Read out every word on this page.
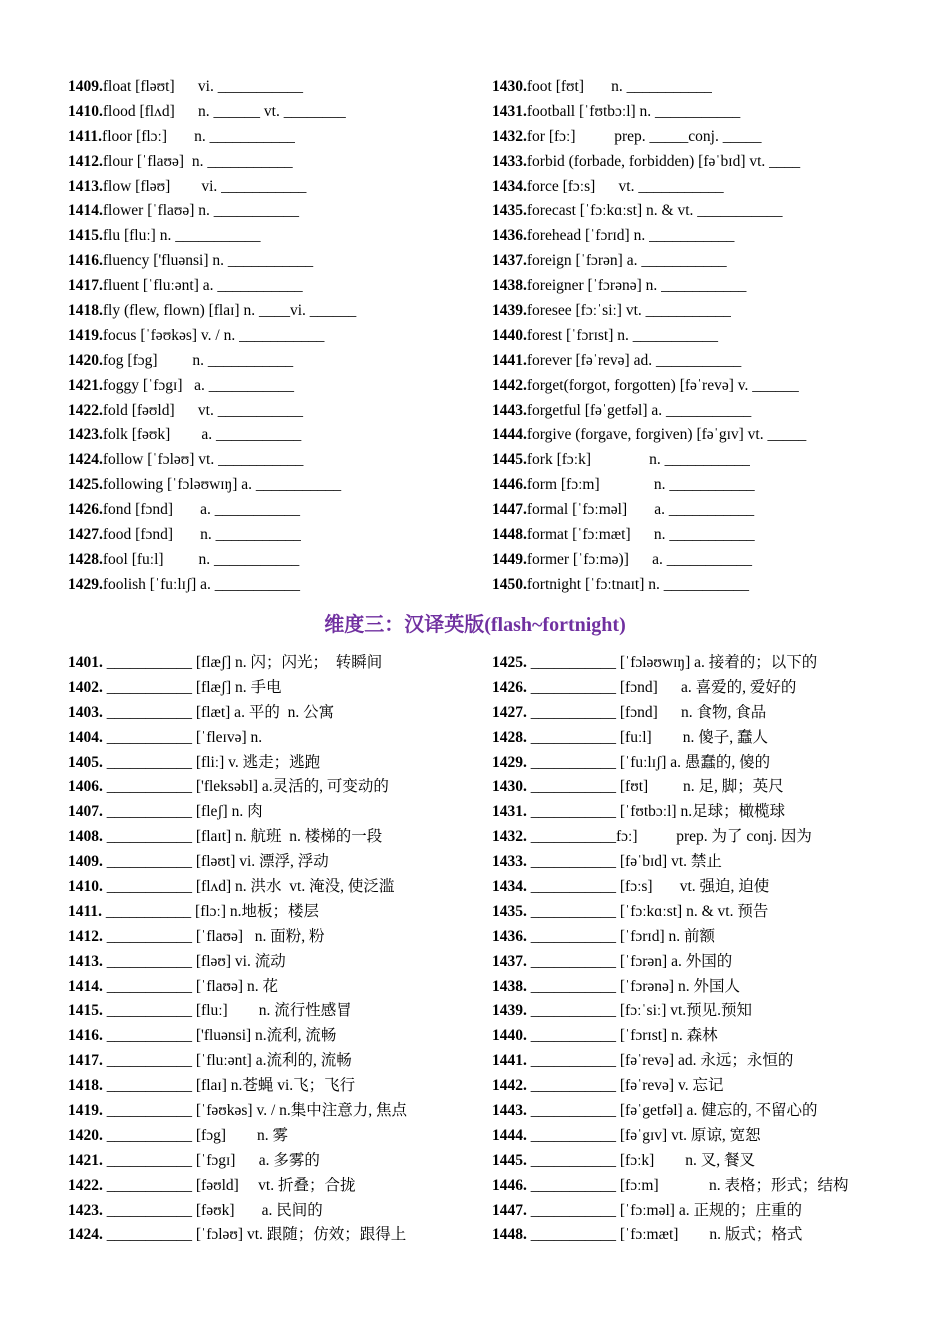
1409.float [fləʊt]      vi. ___________
1410.flood [flʌd]      n. ______ vt. ________
1411.floor [flɔː]       n. ___________
1412.flour [ˈflaʊə]  n. ___________
1413.flow [fləʊ]        vi. ___________
1414.flower [ˈflaʊə] n. ___________
1415.flu [fluː] n. ___________
1416.fluency ['fluənsi] n. ___________
1417.fluent [ˈfluːənt] a. ___________
1418.fly (flew, flown) [flaɪ] n. ____vi. ______
1419.focus [ˈfəʊkəs] v. / n. ___________
1420.fog [fɔg]         n. ___________
1421.foggy [ˈfɔgɪ]   a. ___________
1422.fold [fəʊld]      vt. ___________
1423.folk [fəʊk]        a. ___________
1424.follow [ˈfɔləʊ] vt. ___________
1425.following [ˈfɔləʊwɪŋ] a. ___________
1426.fond [fɔnd]       a. ___________
1427.food [fɔnd]       n. ___________
1428.fool [fuːl]         n. ___________
1429.foolish [ˈfuːlɪʃ] a. ___________
1430.foot [fʊt]       n. ___________
1431.football [ˈfʊtbɔːl] n. ___________
1432.for [fɔː]          prep. _____conj. _____
1433.forbid (forbade, forbidden) [fəˈbɪd] vt. ____
1434.force [fɔːs]      vt. ___________
1435.forecast [ˈfɔːkɑːst] n. & vt. ___________
1436.forehead [ˈfɔrɪd] n. ___________
1437.foreign [ˈfɔrən] a. ___________
1438.foreigner [ˈfɔrənə] n. ___________
1439.foresee [fɔːˈsiː] vt. ___________
1440.forest [ˈfɔrɪst] n. ___________
1441.forever [fəˈrevə] ad. ___________
1442.forget(forgot, forgotten) [fəˈrevə] v. ______
1443.forgetful [fəˈgetfəl] a. ___________
1444.forgive (forgave, forgiven) [fəˈgɪv] vt. _____
1445.fork [fɔːk]               n. ___________
1446.form [fɔːm]              n. ___________
1447.formal [ˈfɔːməl]       a. ___________
1448.format [ˈfɔːmæt]      n. ___________
1449.former [ˈfɔːmə)]      a. ___________
1450.fortnight [ˈfɔːtnaɪt] n. ___________
维度三：汉译英版(flash~fortnight)
1401. ___________ [flæʃ] n. 闪；闪光；  转瞬间
1402. ___________ [flæʃ] n. 手电
1403. ___________ [flæt] a. 平的  n. 公寓
1404. ___________ [ˈfleɪvə] n.
1405. ___________ [fliː] v. 逃走；逃跑
1406. ___________ ['fleksəbl] a.灵活的, 可变动的
1407. ___________ [fleʃ] n. 肉
1408. ___________ [flaɪt] n. 航班  n. 楼梯的一段
1409. ___________ [fləʊt] vi. 漂浮, 浮动
1410. ___________ [flʌd] n. 洪水  vt. 淹没, 使泛滥
1411. ___________ [flɔː] n.地板；楼层
1412. ___________ [ˈflaʊə]   n. 面粉, 粉
1413. ___________ [fləʊ] vi. 流动
1414. ___________ [ˈflaʊə] n. 花
1415. ___________ [fluː]        n. 流行性感冒
1416. ___________ ['fluənsi] n.流利, 流畅
1417. ___________ [ˈfluːənt] a.流利的, 流畅
1418. ___________ [flaɪ] n.苍蝇 vi.飞；飞行
1419. ___________ [ˈfəʊkəs] v. / n.集中注意力, 焦点
1420. ___________ [fɔg]        n. 雾
1421. ___________ [ˈfɔgɪ]      a. 多雾的
1422. ___________ [fəʊld]     vt. 折叠；合拢
1423. ___________ [fəʊk]       a. 民间的
1424. ___________ [ˈfɔləʊ] vt. 跟随；仿效；跟得上
1425. ___________ [ˈfɔləʊwɪŋ] a. 接着的；以下的
1426. ___________ [fɔnd]      a. 喜爱的, 爱好的
1427. ___________ [fɔnd]      n. 食物, 食品
1428. ___________ [fuːl]        n. 傻子, 蠢人
1429. ___________ [ˈfuːlɪʃ] a. 愚蠢的, 傻的
1430. ___________ [fʊt]         n. 足, 脚；英尺
1431. ___________ [ˈfʊtbɔːl] n.足球；橄榄球
1432. ___________fɔː]          prep. 为了 conj. 因为
1433. ___________ [fəˈbɪd] vt. 禁止
1434. ___________ [fɔːs]       vt. 强迫, 迫使
1435. ___________ [ˈfɔːkɑːst] n. & vt. 预告
1436. ___________ [ˈfɔrɪd] n. 前额
1437. ___________ [ˈfɔrən] a. 外国的
1438. ___________ [ˈfɔrənə] n. 外国人
1439. ___________ [fɔːˈsiː] vt.预见.预知
1440. ___________ [ˈfɔrɪst] n. 森林
1441. ___________ [fəˈrevə] ad. 永远；永恒的
1442. ___________ [fəˈrevə] v. 忘记
1443. ___________ [fəˈgetfəl] a. 健忘的, 不留心的
1444. ___________ [fəˈgɪv] vt. 原谅, 宽恕
1445. ___________ [fɔːk]        n. 叉, 餐叉
1446. ___________ [fɔːm]             n. 表格；形式；结构
1447. ___________ [ˈfɔːməl] a. 正规的；庄重的
1448. ___________ [ˈfɔːmæt]        n. 版式；格式
